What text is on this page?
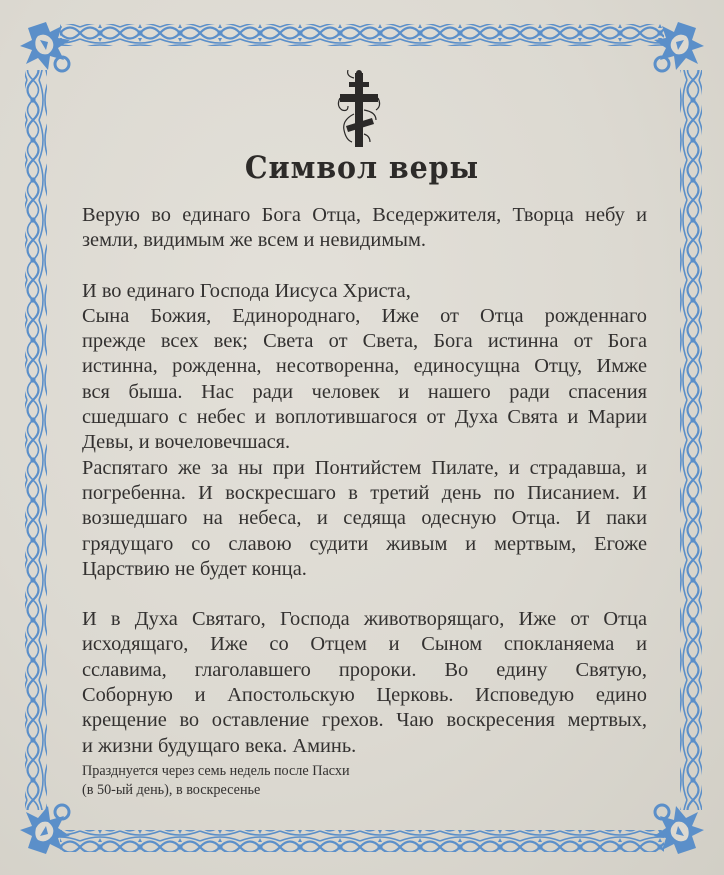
Символ веры

Верую во единаго Бога Отца, Вседержителя, Творца небу и
земли, видимым же всем и невидимым.

И во единаго Господа Иисуса Христа,
Сына Божия, Единороднаго, Иже от Отца рожденнаго
прежде всех век; Света от Света, Бога истинна от Бога
истинна, рожденна, несотворенна, единосущна Отцу, Имже
вся быша. Нас ради человек и нашего ради спасения
сшедшаго с небес и воплотившагося от Духа Свята и Марии
Девы, и вочеловечшася.
Распятаго же за ны при Понтийстем Пилате, и страдавша, и
погребенна. И воскресшаго в третий день по Писанием. И
возшедшаго на небеса, и седяща одесную Отца. И паки
грядущаго со славою судити живым и мертвым, Егоже
Царствию не будет конца.

И в Духа Святаго, Господа животворящаго, Иже от Отца
исходящаго, Иже со Отцем и Сыном спокланяема и
сславима, глаголавшего пророки. Во едину Святую,
Соборную и Апостольскую Церковь. Исповедую едино
крещение во оставление грехов. Чаю воскресения мертвых,
и жизни будущаго века. Аминь.

Празднуется через семь недель после Пасхи
(в 50-ый день), в воскресенье
